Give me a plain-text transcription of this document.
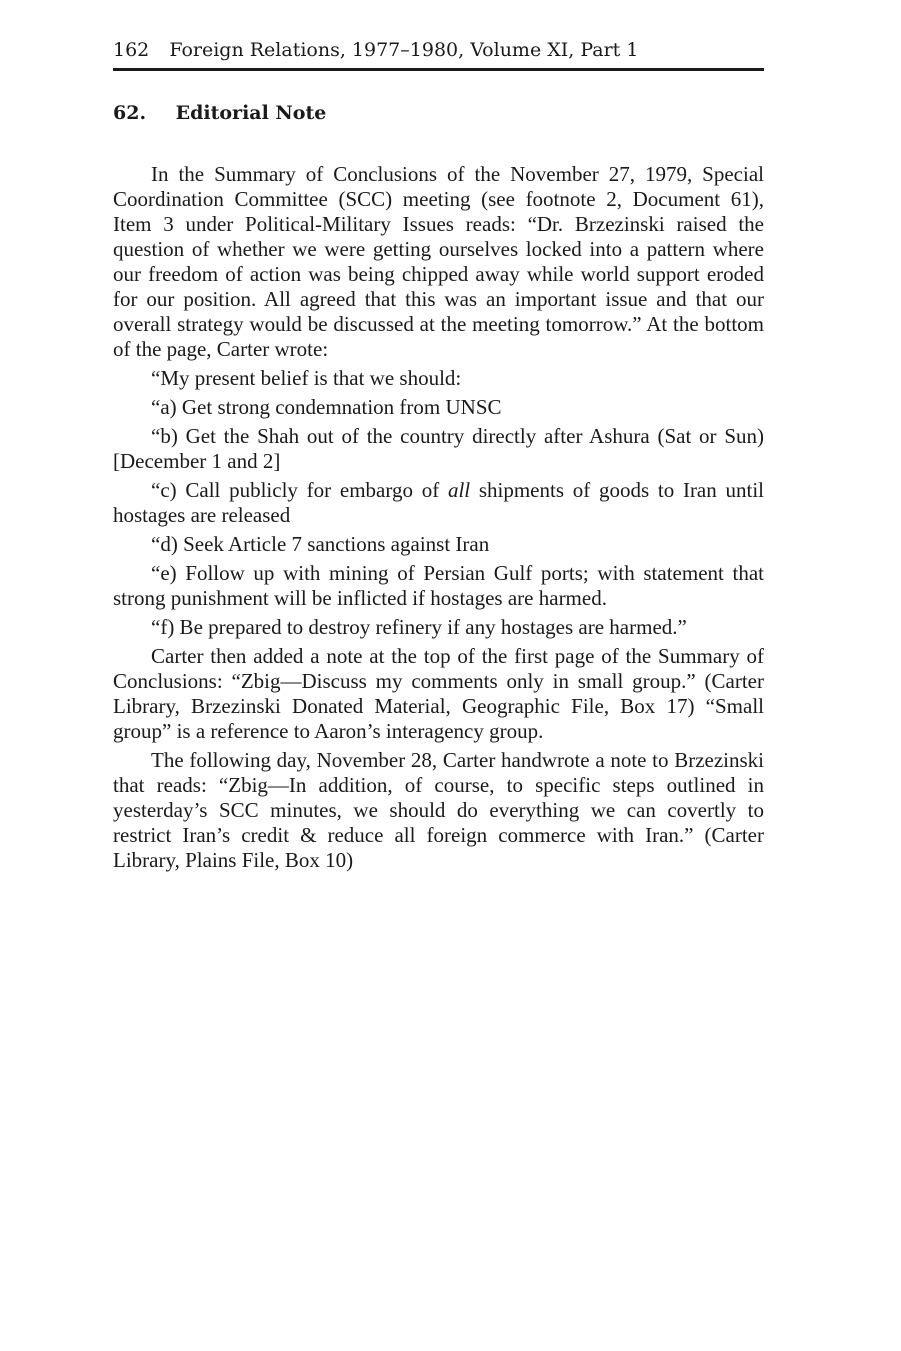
162 Foreign Relations, 1977–1980, Volume XI, Part 1
62. Editorial Note

In the Summary of Conclusions of the November 27, 1979, Special Coordination Committee (SCC) meeting (see footnote 2, Document 61), Item 3 under Political-Military Issues reads: “Dr. Brzezinski raised the question of whether we were getting ourselves locked into a pattern where our freedom of action was being chipped away while world support eroded for our position. All agreed that this was an important issue and that our overall strategy would be discussed at the meeting tomorrow.” At the bottom of the page, Carter wrote:

“My present belief is that we should:

“a) Get strong condemnation from UNSC

“b) Get the Shah out of the country directly after Ashura (Sat or Sun) [December 1 and 2]

“c) Call publicly for embargo of all shipments of goods to Iran until hostages are released

“d) Seek Article 7 sanctions against Iran

“e) Follow up with mining of Persian Gulf ports; with statement that strong punishment will be inflicted if hostages are harmed.

“f) Be prepared to destroy refinery if any hostages are harmed.”

Carter then added a note at the top of the first page of the Summary of Conclusions: “Zbig—Discuss my comments only in small group.” (Carter Library, Brzezinski Donated Material, Geographic File, Box 17) “Small group” is a reference to Aaron’s interagency group.

The following day, November 28, Carter handwrote a note to Brzezinski that reads: “Zbig—In addition, of course, to specific steps outlined in yesterday’s SCC minutes, we should do everything we can covertly to restrict Iran’s credit & reduce all foreign commerce with Iran.” (Carter Library, Plains File, Box 10)
